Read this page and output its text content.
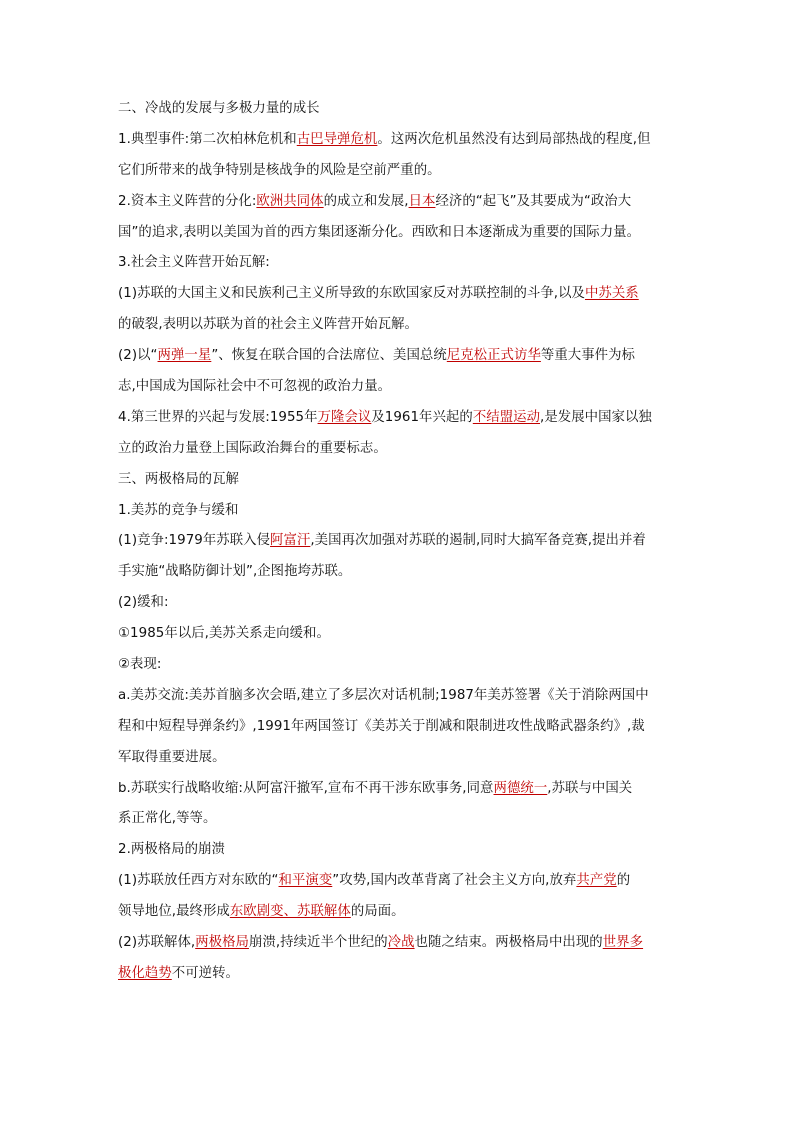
二、冷战的发展与多极力量的成长
1.典型事件:第二次柏林危机和古巴导弹危机。这两次危机虽然没有达到局部热战的程度,但
它们所带来的战争特别是核战争的风险是空前严重的。
2.资本主义阵营的分化:欧洲共同体的成立和发展,日本经济的“起飞”及其要成为“政治大
国”的追求,表明以美国为首的西方集团逐渐分化。西欧和日本逐渐成为重要的国际力量。
3.社会主义阵营开始瓦解:
(1)苏联的大国主义和民族利己主义所导致的东欧国家反对苏联控制的斗争,以及中苏关系
的破裂,表明以苏联为首的社会主义阵营开始瓦解。
(2)以“两弹一星”、恢复在联合国的合法席位、美国总统尼克松正式访华等重大事件为标
志,中国成为国际社会中不可忽视的政治力量。
4.第三世界的兴起与发展:1955年万隆会议及1961年兴起的不结盟运动,是发展中国家以独
立的政治力量登上国际政治舞台的重要标志。
三、两极格局的瓦解
1.美苏的竞争与缓和
(1)竞争:1979年苏联入侵阿富汗,美国再次加强对苏联的遏制,同时大搞军备竞赛,提出并着
手实施“战略防御计划”,企图拖垮苏联。
(2)缓和:
①1985年以后,美苏关系走向缓和。
②表现:
a.美苏交流:美苏首脑多次会晤,建立了多层次对话机制;1987年美苏签署《关于消除两国中
程和中短程导弹条约》,1991年两国签订《美苏关于削减和限制进攻性战略武器条约》,裁
军取得重要进展。
b.苏联实行战略收缩:从阿富汗撤军,宣布不再干涉东欧事务,同意两德统一,苏联与中国关
系正常化,等等。
2.两极格局的崩溃
(1)苏联放任西方对东欧的“和平演变”攻势,国内改革背离了社会主义方向,放弃共产党的
领导地位,最终形成东欧剧变、苏联解体的局面。
(2)苏联解体,两极格局崩溃,持续近半个世纪的冷战也随之结束。两极格局中出现的世界多
极化趋势不可逆转。
